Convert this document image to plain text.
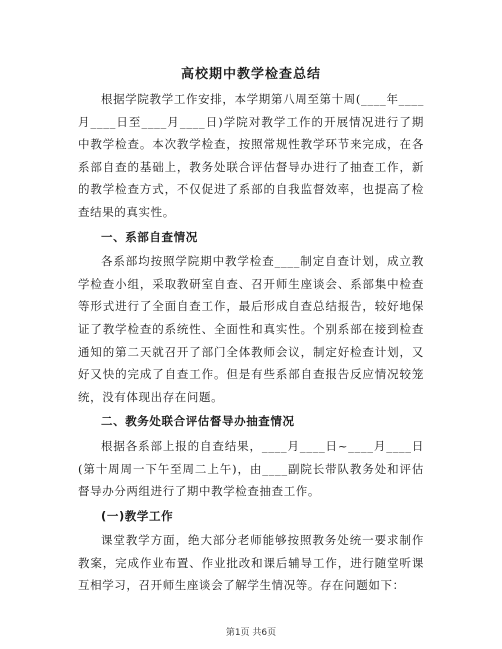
高校期中教学检查总结

根据学院教学工作安排，本学期第八周至第十周(____年____月____日至____月____日)学院对教学工作的开展情况进行了期中教学检查。本次教学检查，按照常规性教学环节来完成，在各系部自查的基础上，教务处联合评估督导办进行了抽查工作，新的教学检查方式，不仅促进了系部的自我监督效率，也提高了检查结果的真实性。

一、系部自查情况

各系部均按照学院期中教学检查____制定自查计划，成立教学检查小组，采取教研室自查、召开师生座谈会、系部集中检查等形式进行了全面自查工作，最后形成自查总结报告，较好地保证了教学检查的系统性、全面性和真实性。个别系部在接到检查通知的第二天就召开了部门全体教师会议，制定好检查计划，又好又快的完成了自查工作。但是有些系部自查报告反应情况较笼统，没有体现出存在问题。

二、教务处联合评估督导办抽查情况

根据各系部上报的自查结果，____月____日~____月____日(第十周周一下午至周二上午)，由____副院长带队教务处和评估督导办分两组进行了期中教学检查抽查工作。

(一)教学工作

课堂教学方面，绝大部分老师能够按照教务处统一要求制作教案，完成作业布置、作业批改和课后辅导工作，进行随堂听课互相学习，召开师生座谈会了解学生情况等。存在问题如下：

第1页 共6页
